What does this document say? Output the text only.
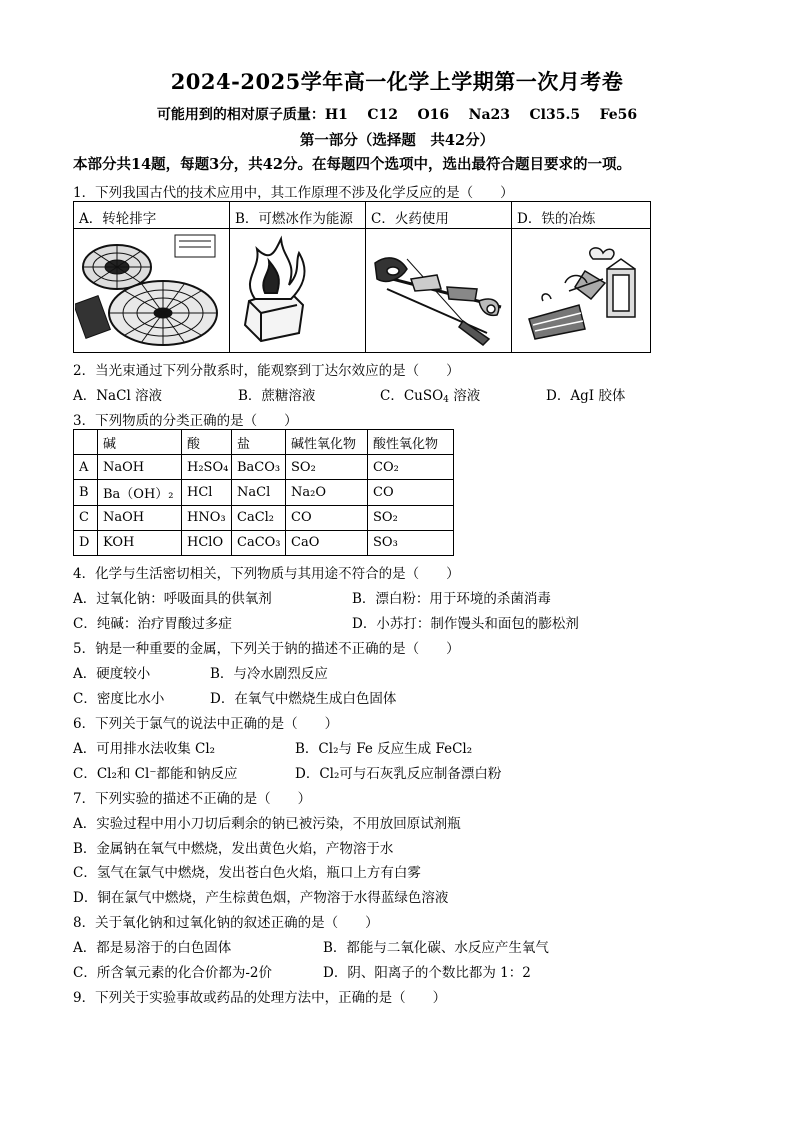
2024-2025学年高一化学上学期第一次月考卷
可能用到的相对原子质量：H1 C12 O16 Na23 Cl35.5 Fe56
第一部分（选择题　共42分）
本部分共14题，每题3分，共42分。在每题四个选项中，选出最符合题目要求的一项。
1．下列我国古代的技术应用中，其工作原理不涉及化学反应的是（　　）
A．转轮排字	B．可燃冰作为能源 C．火药使用	D．铁的冶炼
2．当光束通过下列分散系时，能观察到丁达尔效应的是（　　）
A．NaCl 溶液	B．蔗糖溶液	C．CuSO$_4$ 溶液	D．AgI 胶体
3．下列物质的分类正确的是（　　）
	碱	酸	盐	碱性氧化物	酸性氧化物
A	NaOH	H₂SO₄	BaCO₃	SO₂	CO₂
B	Ba（OH）₂	HCl	NaCl	Na₂O	CO
C	NaOH	HNO₃	CaCl₂	CO	SO₂
D	KOH	HClO	CaCO₃	CaO	SO₃
4．化学与生活密切相关，下列物质与其用途不符合的是（　　）
A．过氧化钠：呼吸面具的供氧剂	B．漂白粉：用于环境的杀菌消毒
C．纯碱：治疗胃酸过多症	D．小苏打：制作馒头和面包的膨松剂
5．钠是一种重要的金属，下列关于钠的描述不正确的是（　　）
A．硬度较小	B．与冷水剧烈反应
C．密度比水小	D．在氧气中燃烧生成白色固体
6．下列关于氯气的说法中正确的是（　　）
A．可用排水法收集 Cl₂	B．Cl₂与 Fe 反应生成 FeCl₂
C．Cl₂和 Cl⁻都能和钠反应	D．Cl₂可与石灰乳反应制备漂白粉
7．下列实验的描述不正确的是（　　）
A．实验过程中用小刀切后剩余的钠已被污染，不用放回原试剂瓶
B．金属钠在氧气中燃烧，发出黄色火焰，产物溶于水
C．氢气在氯气中燃烧，发出苍白色火焰，瓶口上方有白雾
D．铜在氯气中燃烧，产生棕黄色烟，产物溶于水得蓝绿色溶液
8．关于氧化钠和过氧化钠的叙述正确的是（　　）
A．都是易溶于的白色固体	B．都能与二氧化碳、水反应产生氧气
C．所含氧元素的化合价都为-2价	D．阴、阳离子的个数比都为 1：2
9．下列关于实验事故或药品的处理方法中，正确的是（　　）
